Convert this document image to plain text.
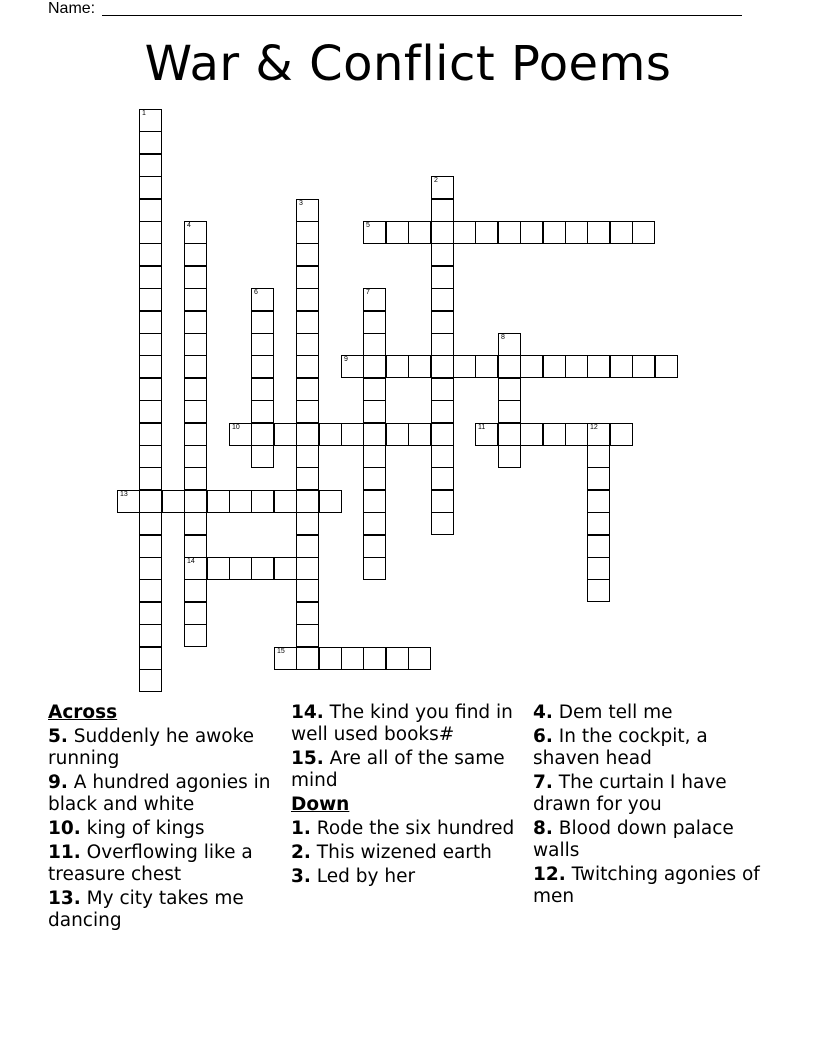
Name:
War & Conflict Poems
1
2
3
4
14
5
6	7
8
9
10	11	12
13
15
Across
5. Suddenly he awoke running
9. A hundred agonies in black and white
10. king of kings
11. Overflowing like a treasure chest
13. My city takes me dancing
14. The kind you find in well used books#
15. Are all of the same mind
Down
1. Rode the six hundred
2. This wizened earth
3. Led by her
4. Dem tell me
6. In the cockpit, a shaven head
7. The curtain I have drawn for you
8. Blood down palace walls
12. Twitching agonies of men
